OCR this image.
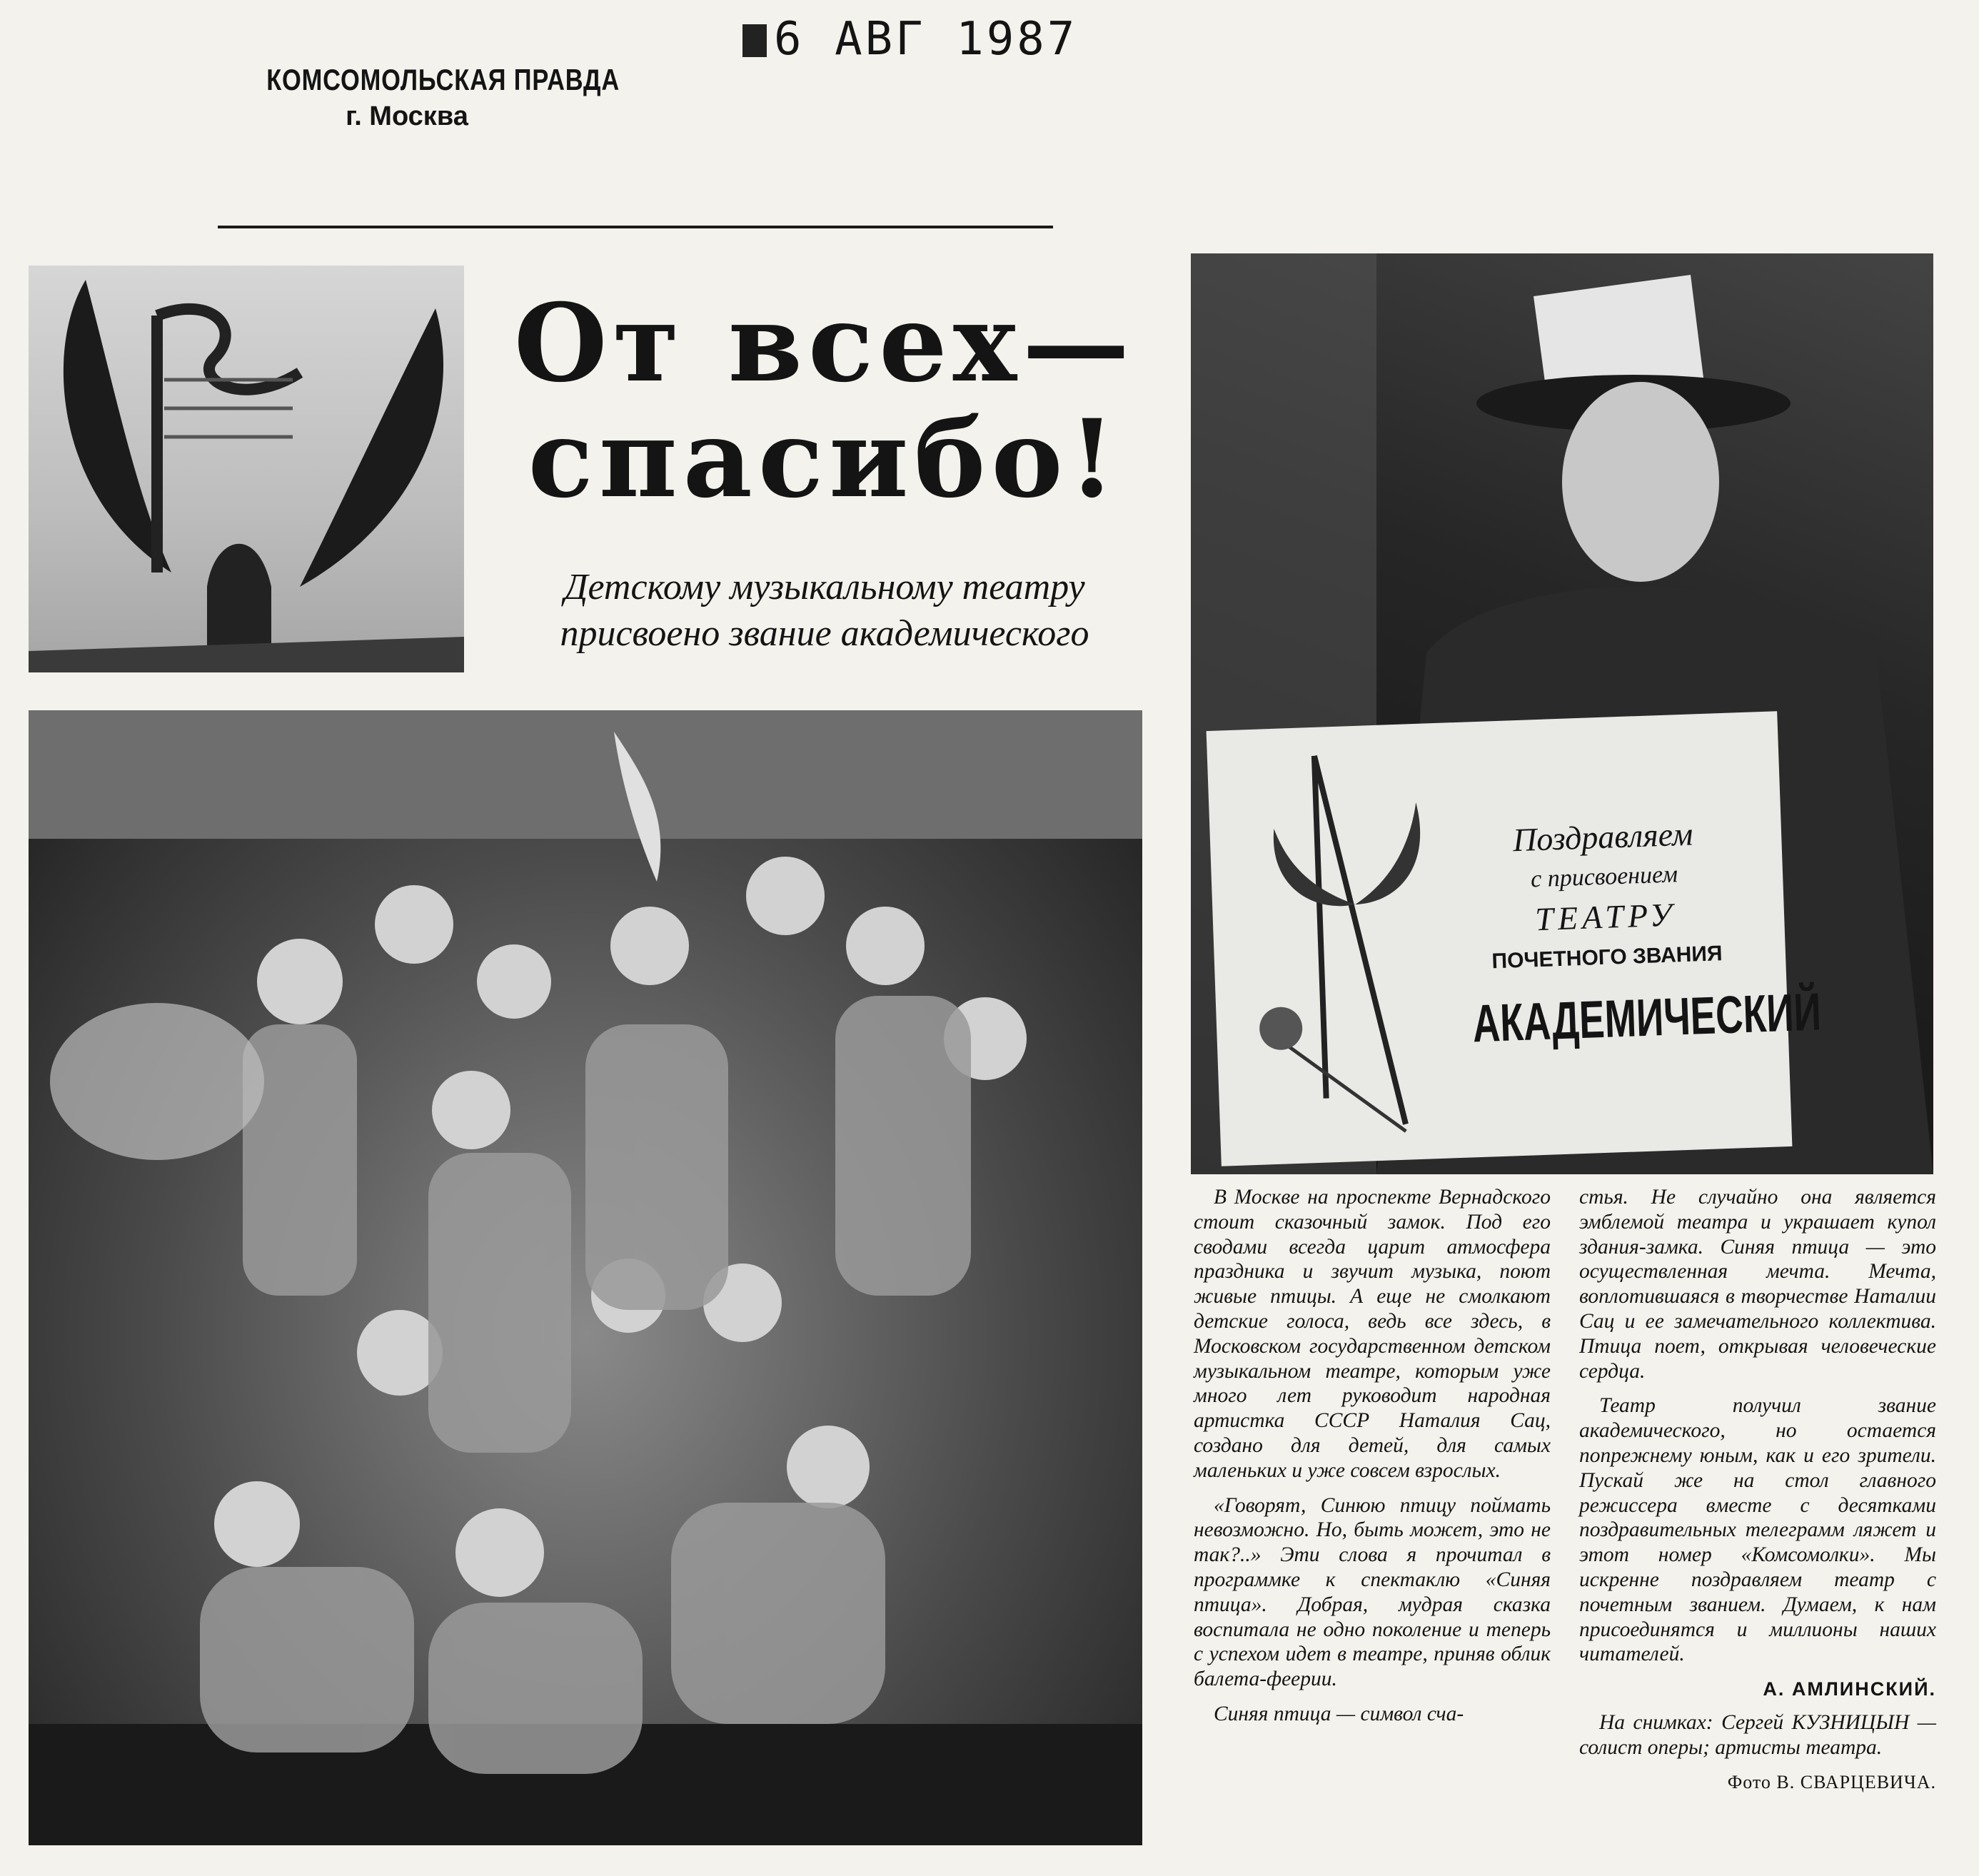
КОМСОМОЛЬСКАЯ ПРАВДА
г. Москва
6 АВГ 1987
От всех—
спасибо!
Детскому музыкальному театру
присвоено звание академического
Поздравляем
с присвоением
ТЕАТРУ
ПОЧЕТНОГО ЗВАНИЯ
АКАДЕМИЧЕСКИЙ

В Москве на проспекте Вернадского стоит сказочный замок. Под его сводами всегда царит атмосфера праздника и звучит музыка, поют живые птицы. А еще не смолкают детские голоса, ведь все здесь, в Московском государственном детском музыкальном театре, которым уже много лет руководит народная артистка СССР Наталия Сац, создано для детей, для самых маленьких и уже совсем взрослых.

«Говорят, Синюю птицу поймать невозможно. Но, быть может, это не так?..» Эти слова я прочитал в программке к спектаклю «Синяя птица». Добрая, мудрая сказка воспитала не одно поколение и теперь с успехом идет в театре, приняв облик балета-феерии.

Синяя птица — символ сча-

стья. Не случайно она является эмблемой театра и украшает купол здания-замка. Синяя птица — это осуществленная мечта. Мечта, воплотившаяся в творчестве Наталии Сац и ее замечательного коллектива. Птица поет, открывая человеческие сердца.

Театр получил звание академического, но остается попрежнему юным, как и его зрители. Пускай же на стол главного режиссера вместе с десятками поздравительных телеграмм ляжет и этот номер «Комсомолки». Мы искренне поздравляем театр с почетным званием. Думаем, к нам присоединятся и миллионы наших читателей.

А. АМЛИНСКИЙ.

На снимках: Сергей КУЗНИЦЫН — солист оперы; артисты театра.

Фото В. СВАРЦЕВИЧА.
